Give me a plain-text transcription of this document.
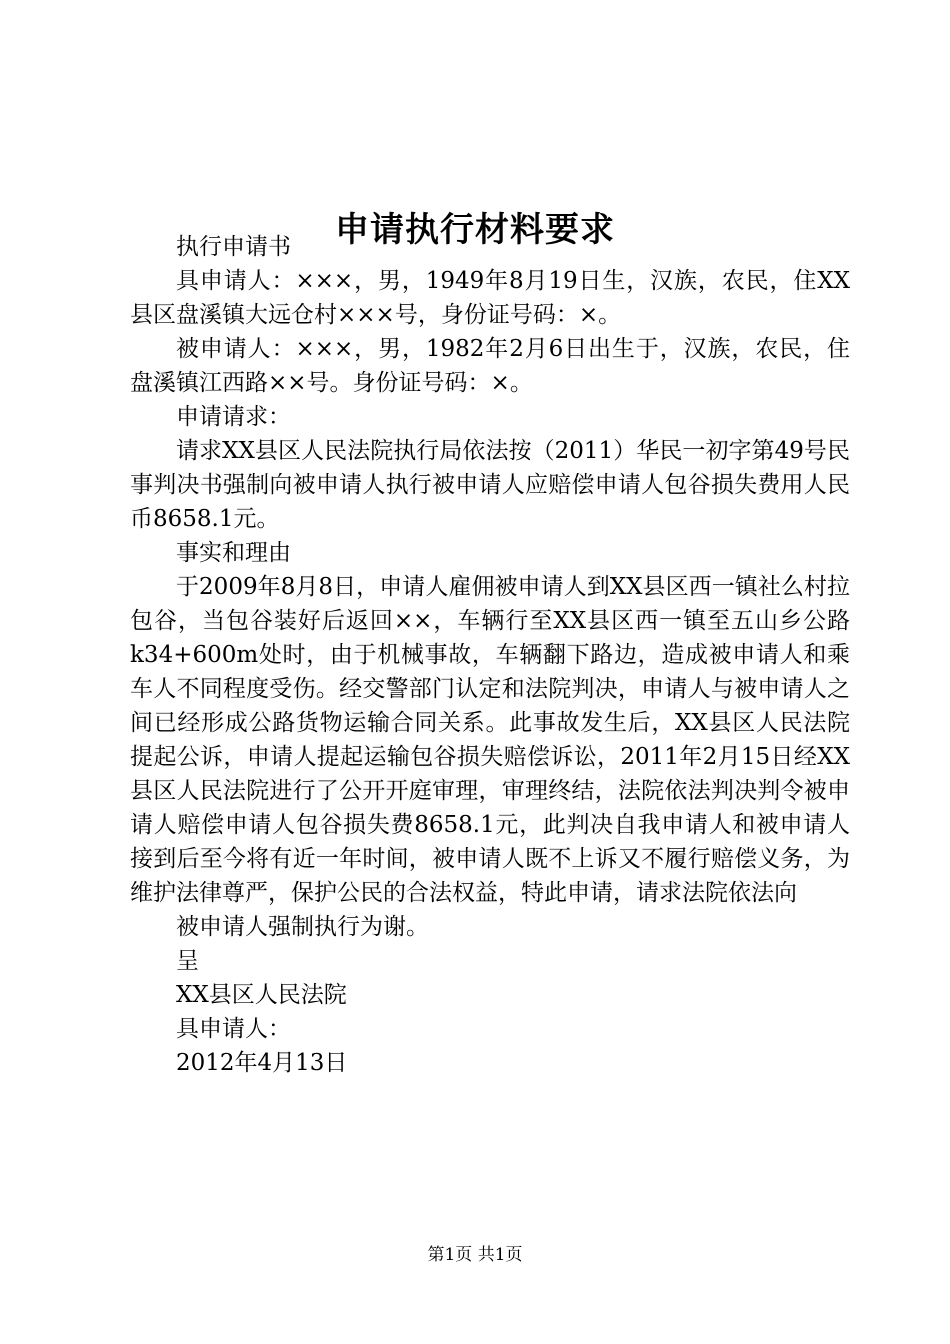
申请执行材料要求

执行申请书

具申请人：×××，男，1949年8月19日生，汉族，农民，住XX县区盘溪镇大远仓村×××号，身份证号码：×。

被申请人：×××，男，1982年2月6日出生于，汉族，农民，住盘溪镇江西路××号。身份证号码：×。

申请请求：

请求XX县区人民法院执行局依法按（2011）华民一初字第49号民事判决书强制向被申请人执行被申请人应赔偿申请人包谷损失费用人民币8658.1元。

事实和理由

于2009年8月8日，申请人雇佣被申请人到XX县区西一镇社么村拉包谷，当包谷装好后返回××，车辆行至XX县区西一镇至五山乡公路k34+600m处时，由于机械事故，车辆翻下路边，造成被申请人和乘车人不同程度受伤。经交警部门认定和法院判决，申请人与被申请人之间已经形成公路货物运输合同关系。此事故发生后，XX县区人民法院提起公诉，申请人提起运输包谷损失赔偿诉讼，2011年2月15日经XX县区人民法院进行了公开开庭审理，审理终结，法院依法判决判令被申请人赔偿申请人包谷损失费8658.1元，此判决自我申请人和被申请人接到后至今将有近一年时间，被申请人既不上诉又不履行赔偿义务，为维护法律尊严，保护公民的合法权益，特此申请，请求法院依法向

被申请人强制执行为谢。

呈

XX县区人民法院

具申请人：

2012年4月13日

第1页 共1页
